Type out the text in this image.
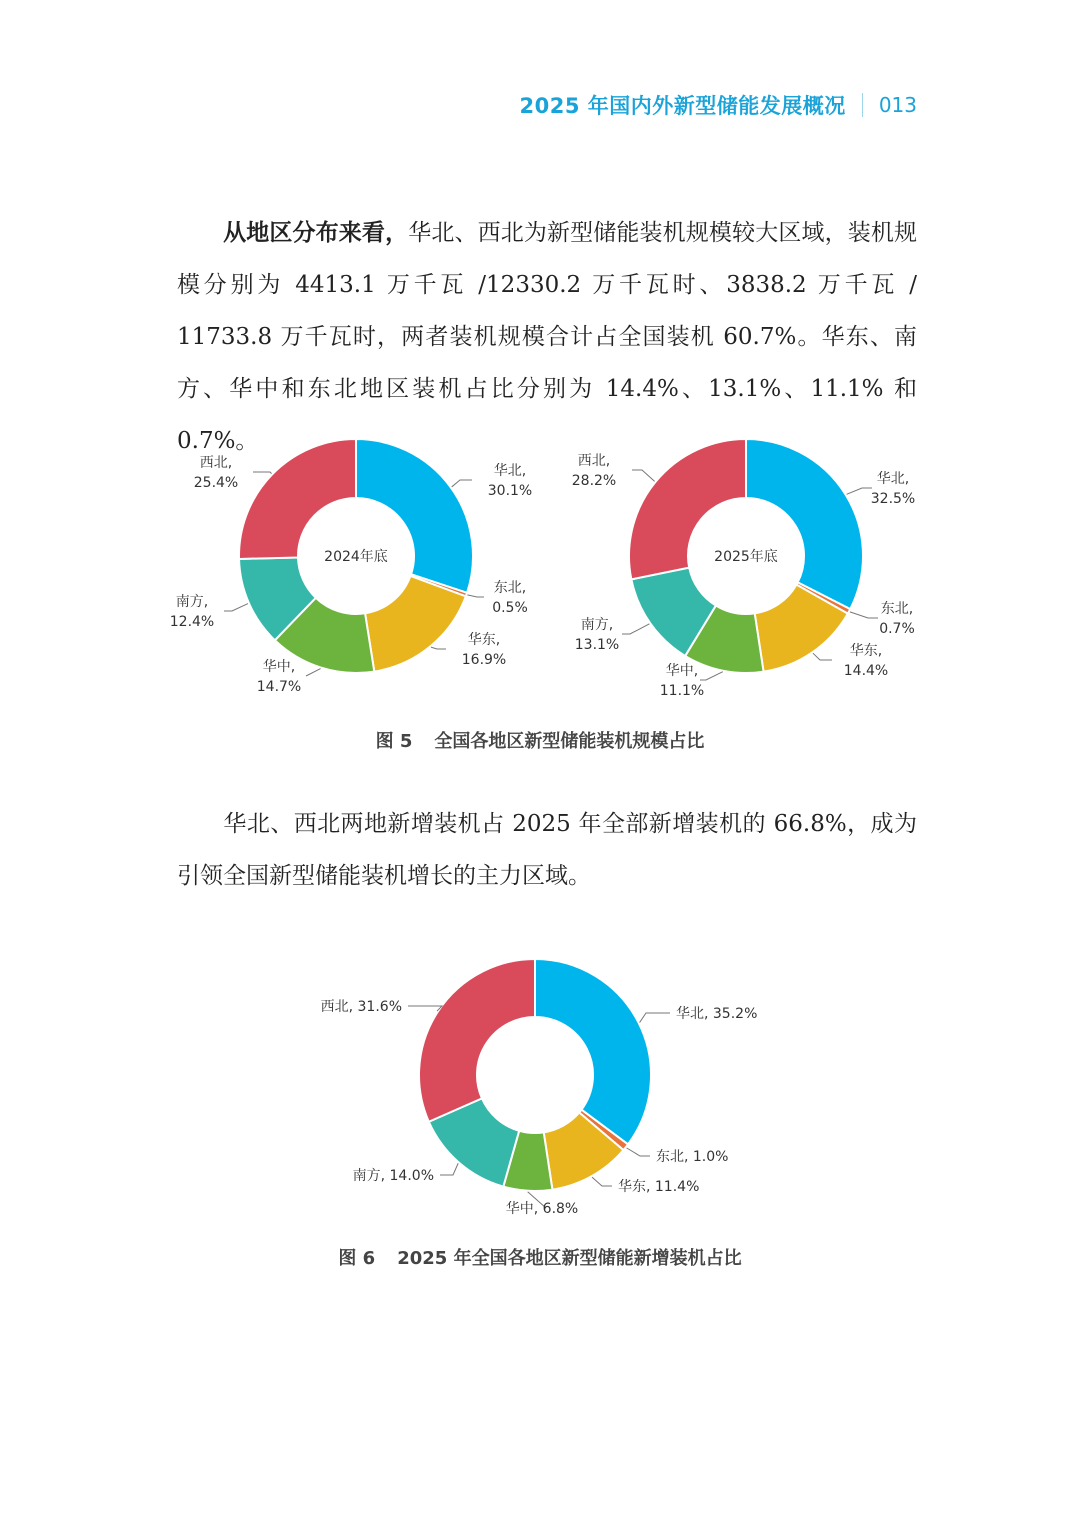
2025 年国内外新型储能发展概况 013

从地区分布来看，华北、西北为新型储能装机规模较大区域，装机规模分别为 4413.1 万千瓦 /12330.2 万千瓦时、3838.2 万千瓦 / 11733.8 万千瓦时，两者装机规模合计占全国装机 60.7%。华东、南方、华中和东北地区装机占比分别为 14.4%、13.1%、11.1% 和 0.7%。

华北,
30.1%
东北,
0.5%
华东,
16.9%
华中,
14.7%
南方,
12.4%
西北,
25.4%
2024年底
华北,
32.5%
东北,
0.7%
华东,
14.4%
华中,
11.1%
南方,
13.1%
西北,
28.2%
2025年底
图 5 全国各地区新型储能装机规模占比

华北、西北两地新增装机占 2025 年全部新增装机的 66.8%，成为引领全国新型储能装机增长的主力区域。

华北, 35.2%
东北, 1.0%
华东, 11.4%
华中, 6.8%
南方, 14.0%
西北, 31.6%
图 6 2025 年全国各地区新型储能新增装机占比
